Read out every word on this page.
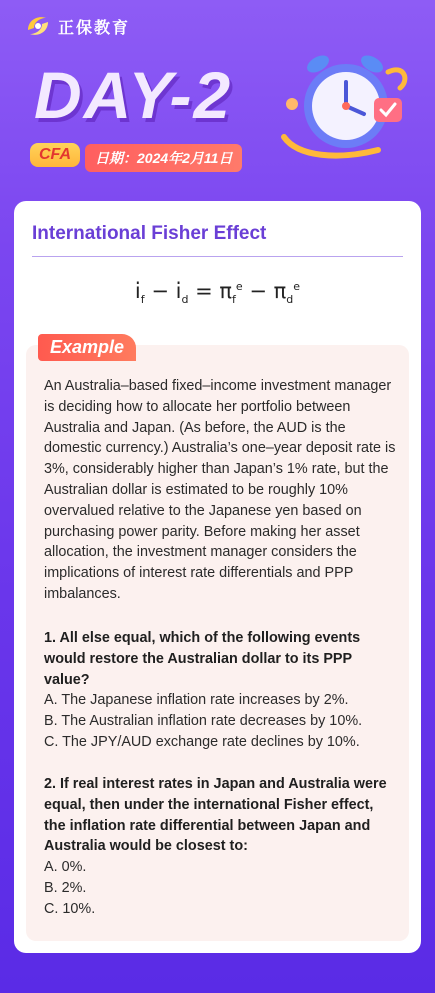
正保教育
DAY-2
CFA	日期：2024年2月11日
International Fisher Effect
$i_f - i_d = \pi_f^e - \pi_d^e$
Example
An Australia–based fixed–income investment manager is deciding how to allocate her portfolio between Australia and Japan. (As before, the AUD is the domestic currency.) Australia’s one–year deposit rate is 3%, considerably higher than Japan’s 1% rate, but the Australian dollar is estimated to be roughly 10% overvalued relative to the Japanese yen based on purchasing power parity. Before making her asset allocation, the investment manager considers the implications of interest rate differentials and PPP imbalances.
1. All else equal, which of the following events would restore the Australian dollar to its PPP value?
A. The Japanese inflation rate increases by 2%.
B. The Australian inflation rate decreases by 10%.
C. The JPY/AUD exchange rate declines by 10%.
2. If real interest rates in Japan and Australia were equal, then under the international Fisher effect, the inflation rate differential between Japan and Australia would be closest to:
A. 0%.
B. 2%.
C. 10%.
